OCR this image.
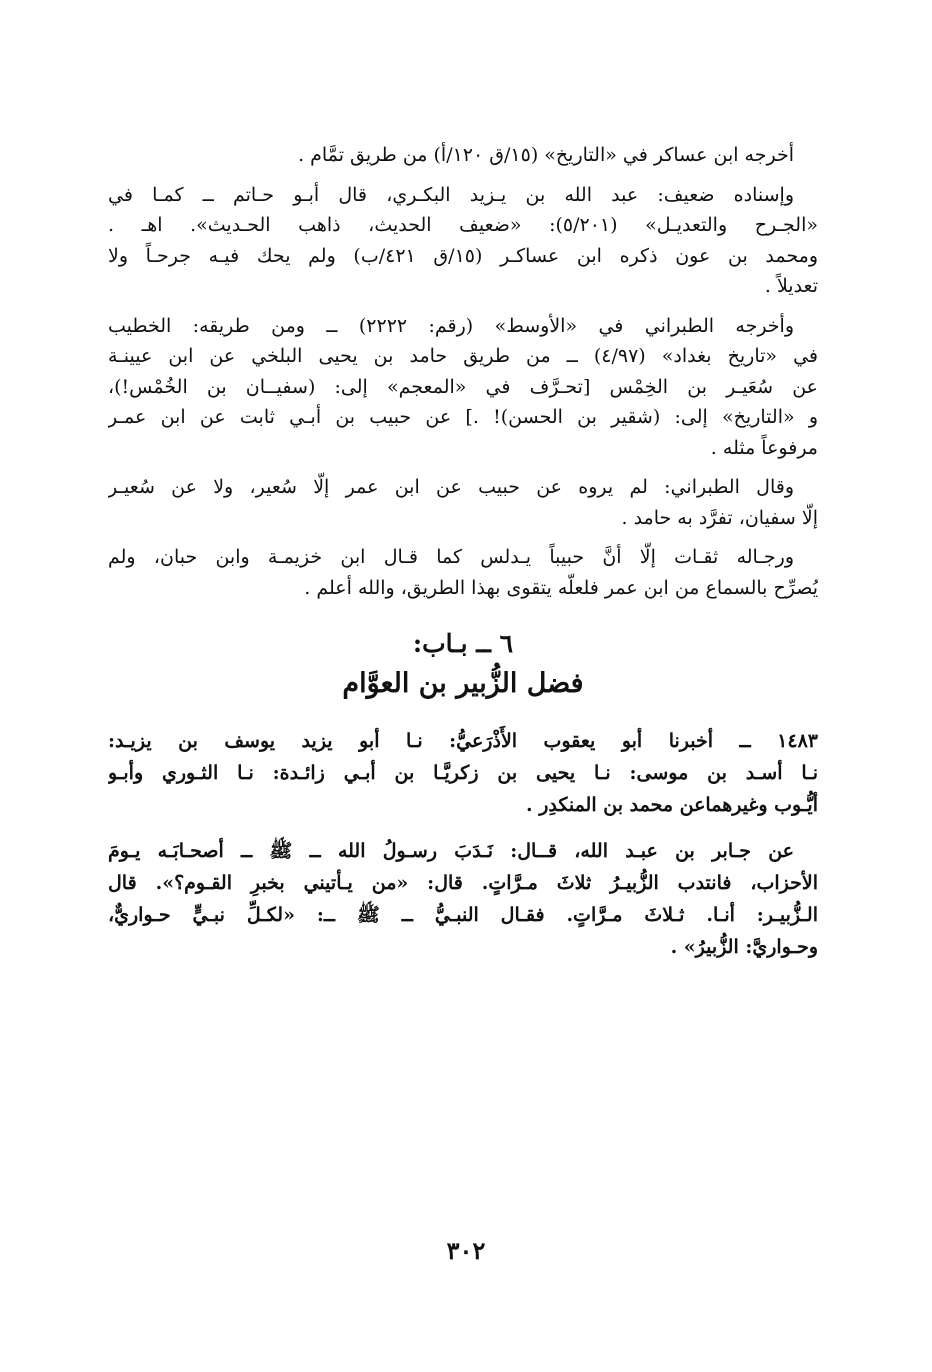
أخرجه ابن عساكر في «التاريخ» (١٥/ق ١٢٠/أ) من طريق تمَّام .
وإسناده ضعيف: عبد الله بن يـزيد البكـري، قال أبـو حـاتم ــ كمـا في
«الجـرح والتعديـل» (٥/٢٠١): «ضعيف الحديث، ذاهب الحـديث». اهـ .
ومحمد بن عون ذكره ابن عساكـر (١٥/ق ٤٢١/ب) ولم يحك فيـه جرحـاً ولا
تعديلاً .
وأخرجه الطبراني في «الأوسط» (رقم: ٢٢٢٢) ــ ومن طريقه: الخطيب
في «تاريخ بغداد» (٤/٩٧) ــ من طريق حامد بن يحيى البلخي عن ابن عيينـة
عن سُعَيـر بن الخِمْس [تحـرَّف في «المعجم» إلى: (سفيــان بن الخُمْس!)،
و «التاريخ» إلى: (شقير بن الحسن)! .] عن حبيب بن أبـي ثابت عن ابن عمـر
مرفوعاً مثله .
وقال الطبراني: لم يروه عن حبيب عن ابن عمر إلَّا سُعير، ولا عن سُعيـر
إلَّا سفيان، تفرَّد به حامد .
ورجـاله ثقـات إلَّا أنَّ حبيباً يـدلس كما قـال ابن خزيمـة وابن حبان، ولم
يُصرِّح بالسماع من ابن عمر فلعلَّه يتقوى بهذا الطريق، والله أعلم .
٦ ــ بـاب:
فضل الزُّبير بن العوَّام
١٤٨٣ ــ أخبرنا أبو يعقوب الأَذْرَعيُّ: نـا أبو يزيد يوسف بن يزيـد:
نـا أسـد بن موسى: نـا يحيى بن زكريَّـا بن أبـي زائـدة: نـا الثـوري وأبـو
أيُّـوب وغيرهماعن محمد بن المنكدِر .
عن جـابر بن عبـد الله، قــال: نَـدَبَ رسـولُ الله ــ ﷺ ــ أصحـابَـه يـومَ
الأحزاب، فانتدب الزُّبيـرُ ثلاثَ مـرَّاتٍ. قال: «من يـأتيني بخبرِ القـوم؟». قال
الـزُّبيـر: أنـا. ثـلاثَ مـرَّاتٍ. فقـال النبـيُّ ــ ﷺ ــ: «لكـلِّ نبـيٍّ حـواريٌّ،
وحـواريَّ: الزُّبيرُ» .
٣٠٢
